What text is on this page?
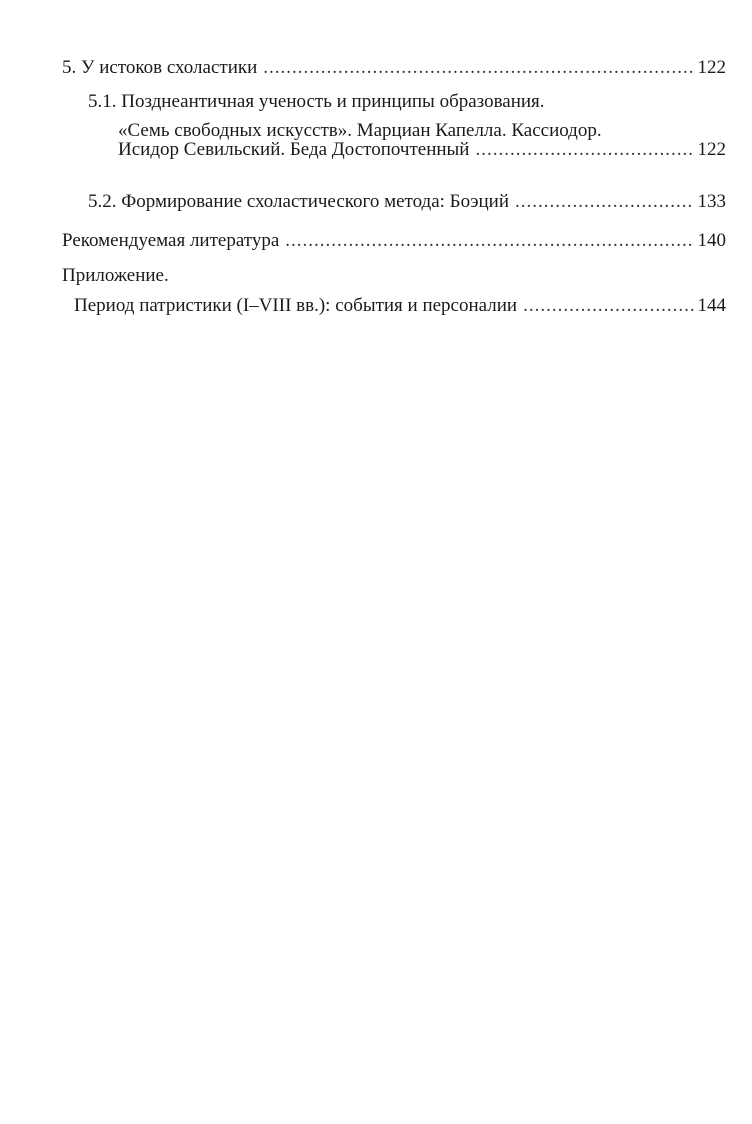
5. У истоков схоластики .....	122
5.1. Позднеантичная ученость и принципы образования.
«Семь свободных искусств». Марциан Капелла. Кассиодор.
Исидор Севильский. Беда Достопочтенный .....	122
5.2. Формирование схоластического метода: Боэций .....	133
Рекомендуемая литература .....	140
Приложение.
Период патристики (I–VIII вв.): события и персоналии .....	144
